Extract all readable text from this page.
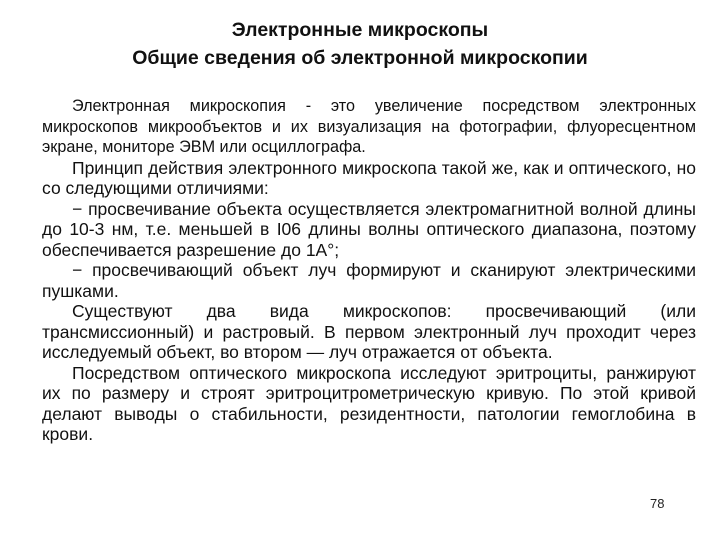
Электронные микроскопы
Общие сведения об электронной микроскопии

Электронная микроскопия - это увеличение посредством электронных микроскопов микрообъектов и их визуализация на фотографии, флуоресцентном экране, мониторе ЭВМ или осциллографа.

Принцип действия электронного микроскопа такой же, как и оптического, но со следующими отличиями:

− просвечивание объекта осуществляется электромагнитной волной длины до 10-3 нм, т.е. меньшей в I06 длины волны оптического диапазона, поэтому обеспечивается разрешение до 1А°;

− просвечивающий объект луч формируют и сканируют электрическими пушками.

Существуют два вида микроскопов: просвечивающий (или трансмиссионный) и растровый. В первом электронный луч проходит через исследуемый объект, во втором — луч отражается от объекта.

Посредством оптического микроскопа исследуют эритроциты, ранжируют их по размеру и строят эритроцитрометрическую кривую. По этой кривой делают выводы о стабильности, резидентности, патологии гемоглобина в крови.

78
